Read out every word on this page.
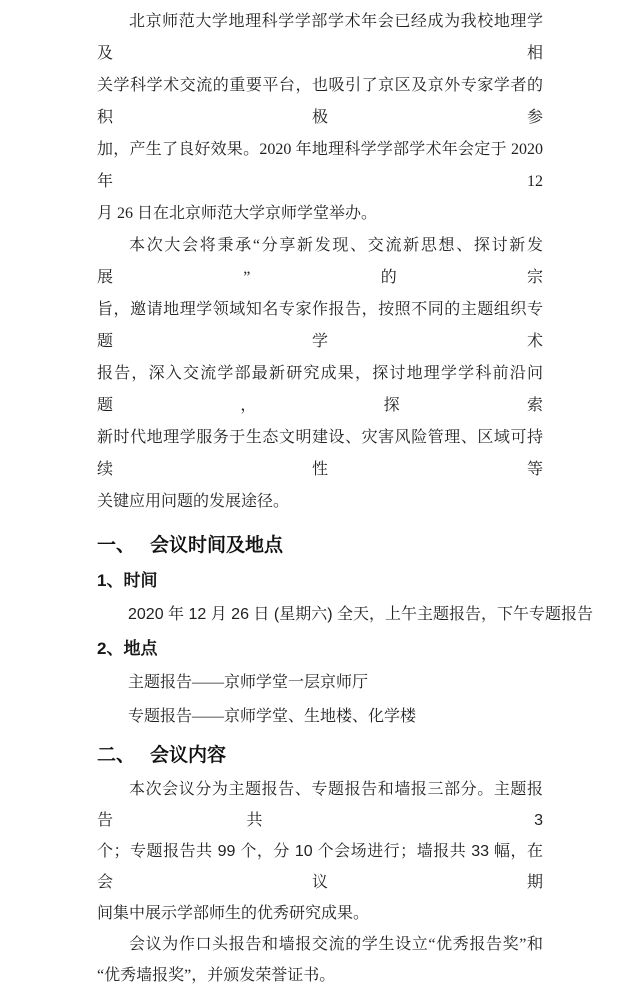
北京师范大学地理科学学部学术年会已经成为我校地理学及相

关学科学术交流的重要平台，也吸引了京区及京外专家学者的积极参

加，产生了良好效果。2020 年地理科学学部学术年会定于 2020 年 12

月 26 日在北京师范大学京师学堂举办。

本次大会将秉承“分享新发现、交流新思想、探讨新发展”的宗

旨，邀请地理学领域知名专家作报告，按照不同的主题组织专题学术

报告，深入交流学部最新研究成果，探讨地理学学科前沿问题，探索

新时代地理学服务于生态文明建设、灾害风险管理、区域可持续性等

关键应用问题的发展途径。

一、 会议时间及地点
1、时间
2020 年 12 月 26 日 (星期六) 全天，上午主题报告，下午专题报告
2、地点
主题报告——京师学堂一层京师厅
专题报告——京师学堂、生地楼、化学楼
二、 会议内容

本次会议分为主题报告、专题报告和墙报三部分。主题报告共 3

个；专题报告共 99 个，分 10 个会场进行；墙报共 33 幅，在会议期

间集中展示学部师生的优秀研究成果。

会议为作口头报告和墙报交流的学生设立“优秀报告奖”和

“优秀墙报奖”，并颁发荣誉证书。
